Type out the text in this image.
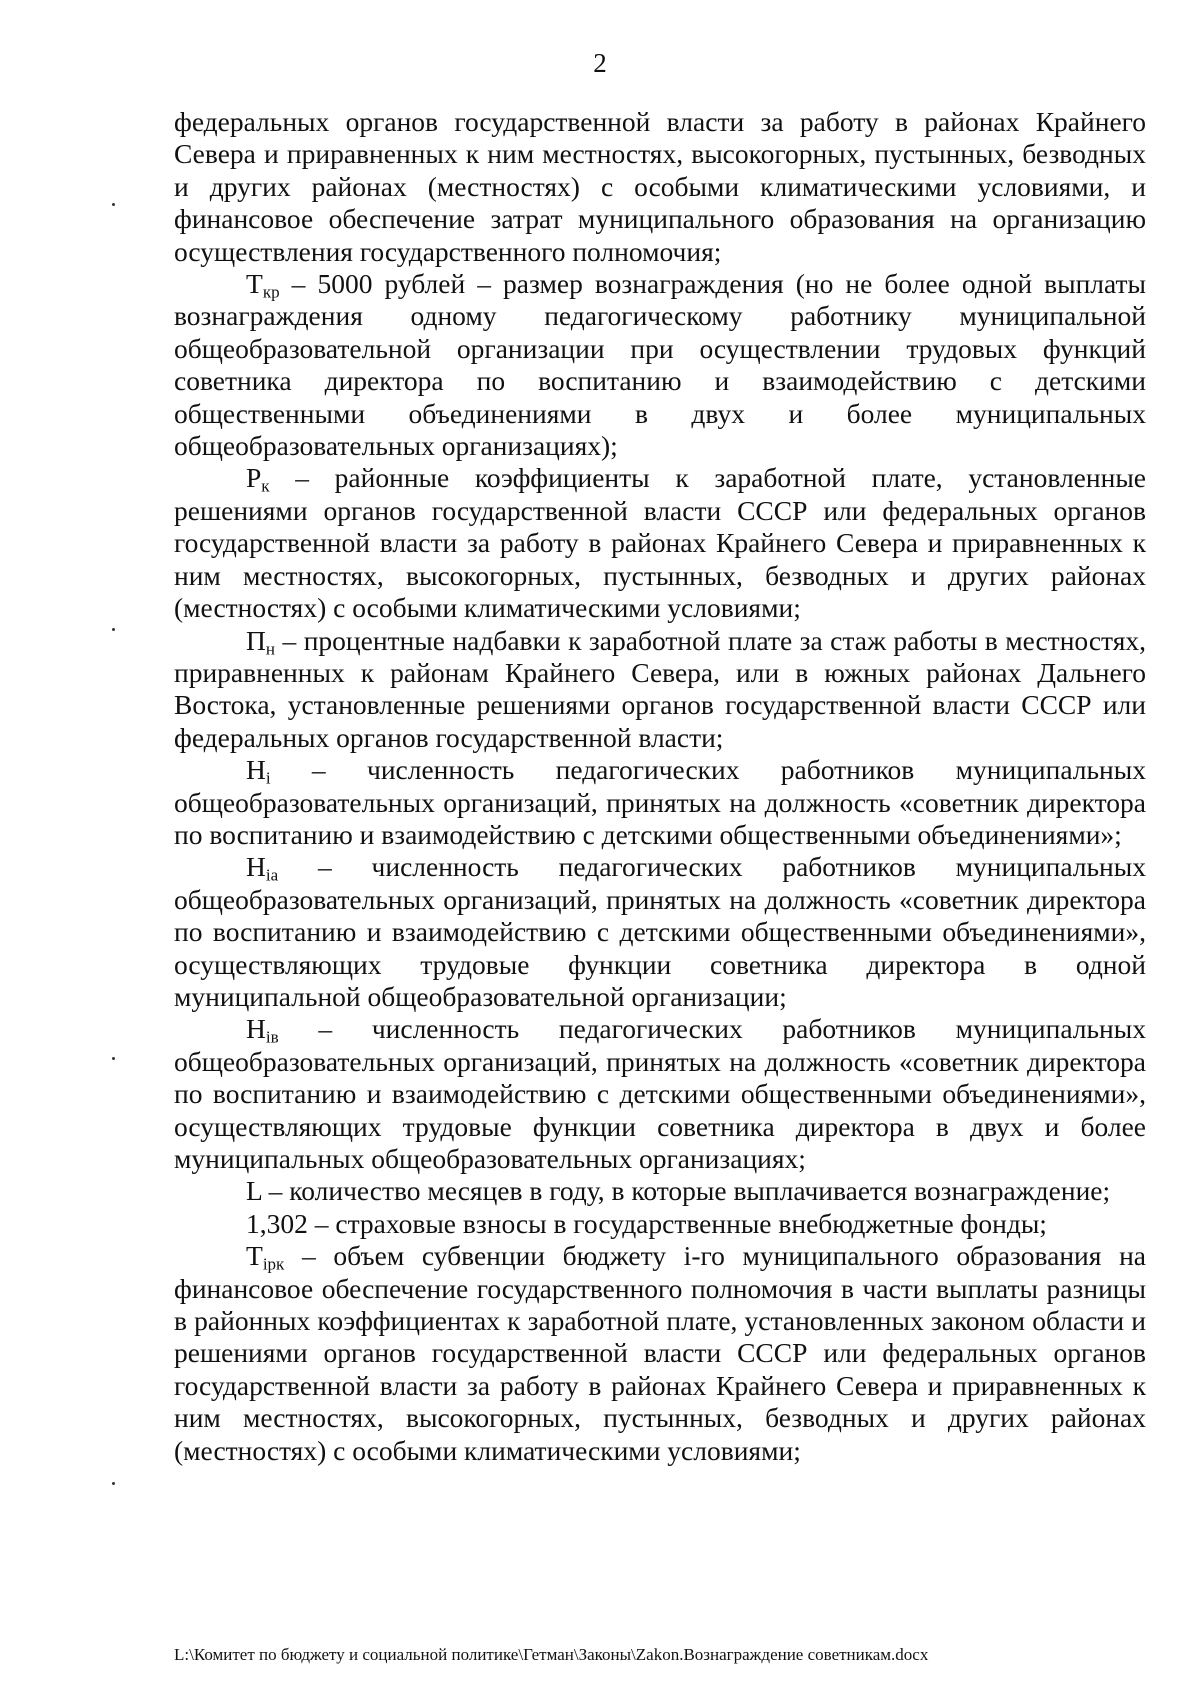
2

федеральных органов государственной власти за работу в районах Крайнего Севера и приравненных к ним местностях, высокогорных, пустынных, безводных и других районах (местностях) с особыми климатическими условиями, и финансовое обеспечение затрат муниципального образования на организацию осуществления государственного полномочия;

$Т_{кр} - 5000$ рублей – размер вознаграждения (но не более одной выплаты вознаграждения одному педагогическому работнику муниципальной общеобразовательной организации при осуществлении трудовых функций советника директора по воспитанию и взаимодействию с детскими общественными объединениями в двух и более муниципальных общеобразовательных организациях);

$Р_к$ – районные коэффициенты к заработной плате, установленные решениями органов государственной власти СССР или федеральных органов государственной власти за работу в районах Крайнего Севера и приравненных к ним местностях, высокогорных, пустынных, безводных и других районах (местностях) с особыми климатическими условиями;

$П_н$ – процентные надбавки к заработной плате за стаж работы в местностях, приравненных к районам Крайнего Севера, или в южных районах Дальнего Востока, установленные решениями органов государственной власти СССР или федеральных органов государственной власти;

$Н_i$ – численность педагогических работников муниципальных общеобразовательных организаций, принятых на должность «советник директора по воспитанию и взаимодействию с детскими общественными объединениями»;

$Н_{iа}$ – численность педагогических работников муниципальных общеобразовательных организаций, принятых на должность «советник директора по воспитанию и взаимодействию с детскими общественными объединениями», осуществляющих трудовые функции советника директора в одной муниципальной общеобразовательной организации;

$Н_{iв}$ – численность педагогических работников муниципальных общеобразовательных организаций, принятых на должность «советник директора по воспитанию и взаимодействию с детскими общественными объединениями», осуществляющих трудовые функции советника директора в двух и более муниципальных общеобразовательных организациях;

L – количество месяцев в году, в которые выплачивается вознаграждение;

1,302 – страховые взносы в государственные внебюджетные фонды;

$Т_{iрк}$ – объем субвенции бюджету i-го муниципального образования на финансовое обеспечение государственного полномочия в части выплаты разницы в районных коэффициентах к заработной плате, установленных законом области и решениями органов государственной власти СССР или федеральных органов государственной власти за работу в районах Крайнего Севера и приравненных к ним местностях, высокогорных, пустынных, безводных и других районах (местностях) с особыми климатическими условиями;

L:\Комитет по бюджету и социальной политике\Гетман\Законы\Zakon.Вознаграждение советникам.docx
